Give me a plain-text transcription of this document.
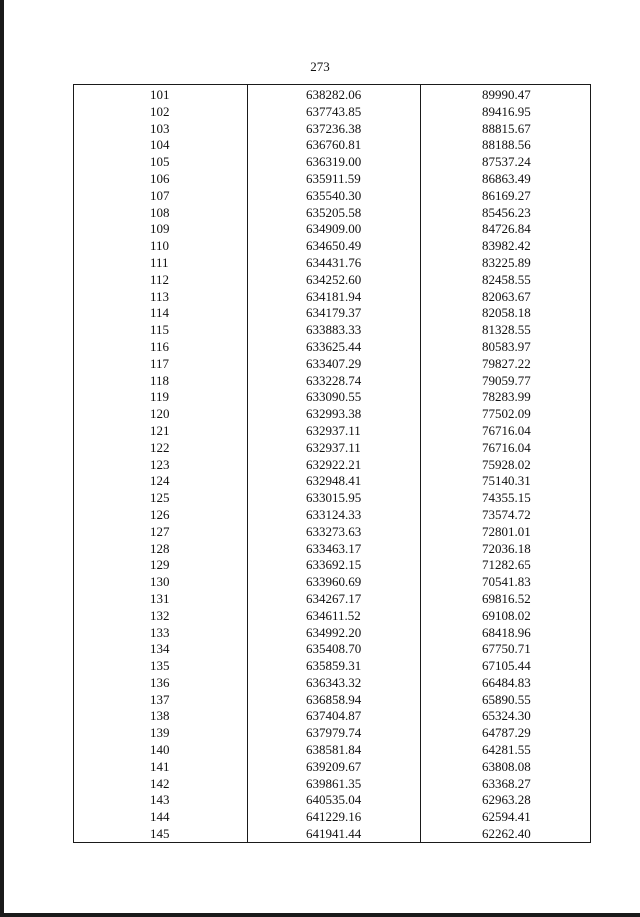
273
101	638282.06	89990.47
102	637743.85	89416.95
103	637236.38	88815.67
104	636760.81	88188.56
105	636319.00	87537.24
106	635911.59	86863.49
107	635540.30	86169.27
108	635205.58	85456.23
109	634909.00	84726.84
110	634650.49	83982.42
111	634431.76	83225.89
112	634252.60	82458.55
113	634181.94	82063.67
114	634179.37	82058.18
115	633883.33	81328.55
116	633625.44	80583.97
117	633407.29	79827.22
118	633228.74	79059.77
119	633090.55	78283.99
120	632993.38	77502.09
121	632937.11	76716.04
122	632937.11	76716.04
123	632922.21	75928.02
124	632948.41	75140.31
125	633015.95	74355.15
126	633124.33	73574.72
127	633273.63	72801.01
128	633463.17	72036.18
129	633692.15	71282.65
130	633960.69	70541.83
131	634267.17	69816.52
132	634611.52	69108.02
133	634992.20	68418.96
134	635408.70	67750.71
135	635859.31	67105.44
136	636343.32	66484.83
137	636858.94	65890.55
138	637404.87	65324.30
139	637979.74	64787.29
140	638581.84	64281.55
141	639209.67	63808.08
142	639861.35	63368.27
143	640535.04	62963.28
144	641229.16	62594.41
145	641941.44	62262.40
